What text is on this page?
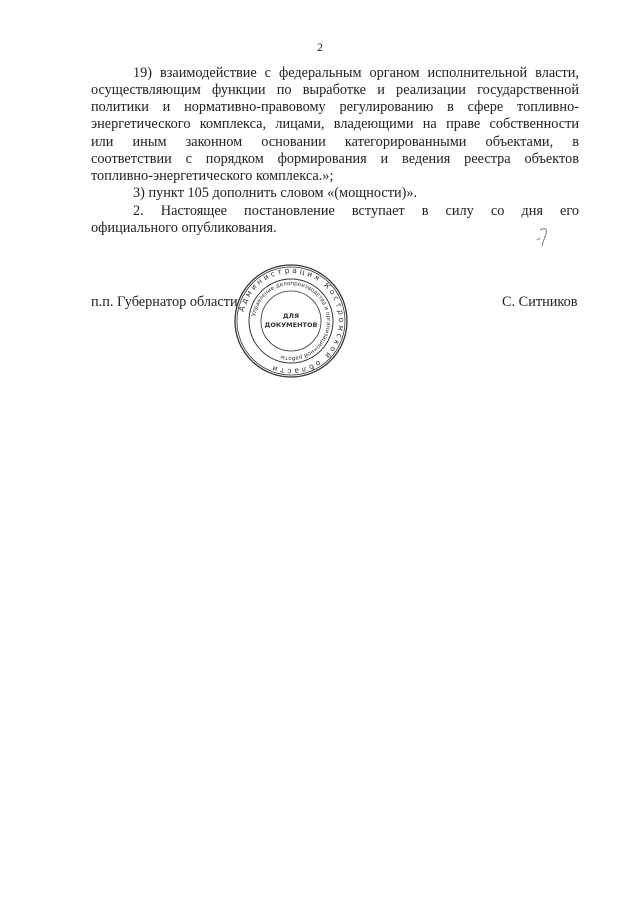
2
19) взаимодействие с федеральным органом исполнительной власти,
осуществляющим функции по выработке и реализации государственной
политики и нормативно-правовому регулированию в сфере топливно-
энергетического комплекса, лицами, владеющими на праве собственности
или иным законном основании категорированными объектами, в
соответствии с порядком формирования и ведения реестра объектов
топливно-энергетического комплекса.»;
3) пункт 105 дополнить словом «(мощности)».
2. Настоящее постановление вступает в силу со дня его
официального опубликования.
п.п. Губернатор области	С. Ситников
Администрация Костромской области
Управление делопроизводства и организационной работы
ДЛЯ
ДОКУМЕНТОВ
